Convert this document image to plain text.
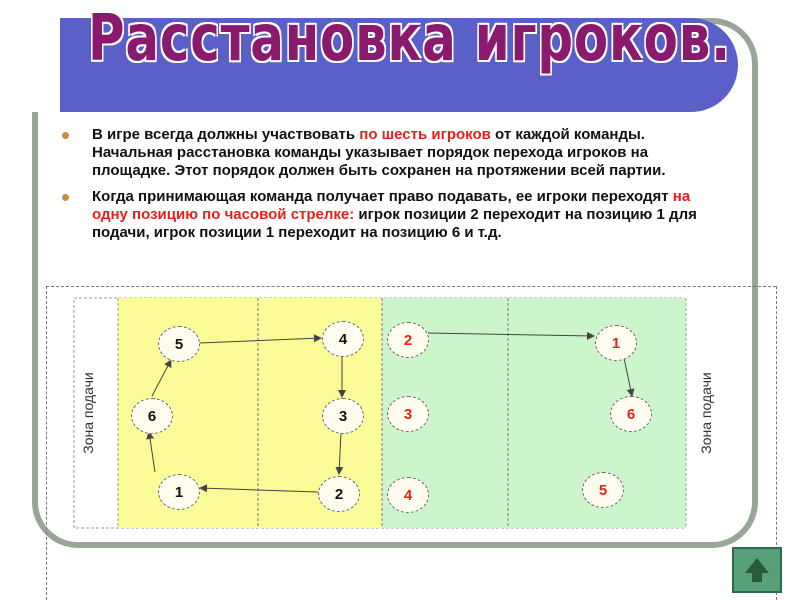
Расстановка игроков.
В игре всегда должны участвовать по шесть игроков от каждой команды. Начальная расстановка команды указывает порядок перехода игроков на площадке. Этот порядок должен быть сохранен на протяжении всей партии.
Когда принимающая команда получает право подавать, ее игроки переходят на одну позицию по часовой стрелке: игрок позиции 2 переходит на позицию 1 для подачи, игрок позиции 1 переходит на позицию 6 и т.д.
Зона подачи	Зона подачи
5	4
6	3
1	2
2	1
3	6
4	5
